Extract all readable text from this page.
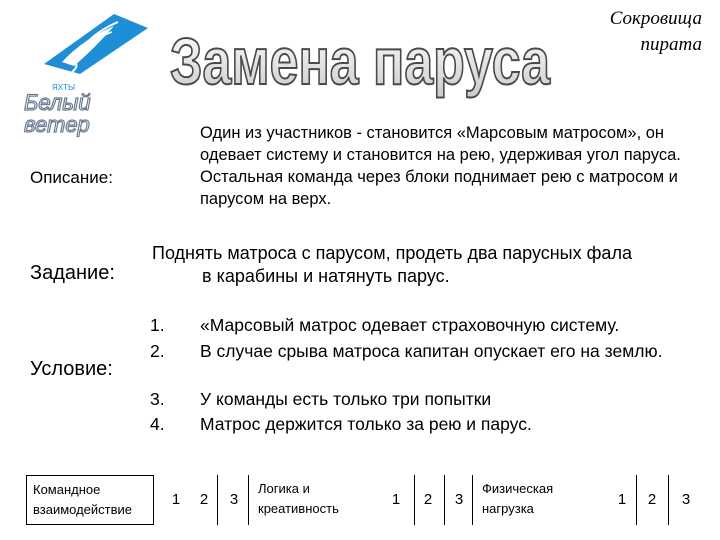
ЯХТЫ
Белый
ветер
Замена паруса
Сокровища
пирата
Описание:
Один из участников - становится «Марсовым матросом», он одевает систему и становится на рею, удерживая угол паруса. Остальная команда через блоки поднимает рею с матросом и парусом на верх.
Задание:
Поднять матроса с парусом, продеть два парусных фала
в карабины и натянуть парус.
Условие:
1.	«Марсовый матрос одевает страховочную систему.
2.	В случае срыва матроса капитан опускает его на землю.
3.	У команды есть только три попытки
4.	Матрос держится только за рею и парус.
Командное взаимодействие
1	2	3
Логика и креативность
1	2	3
Физическая нагрузка
1	2	3
